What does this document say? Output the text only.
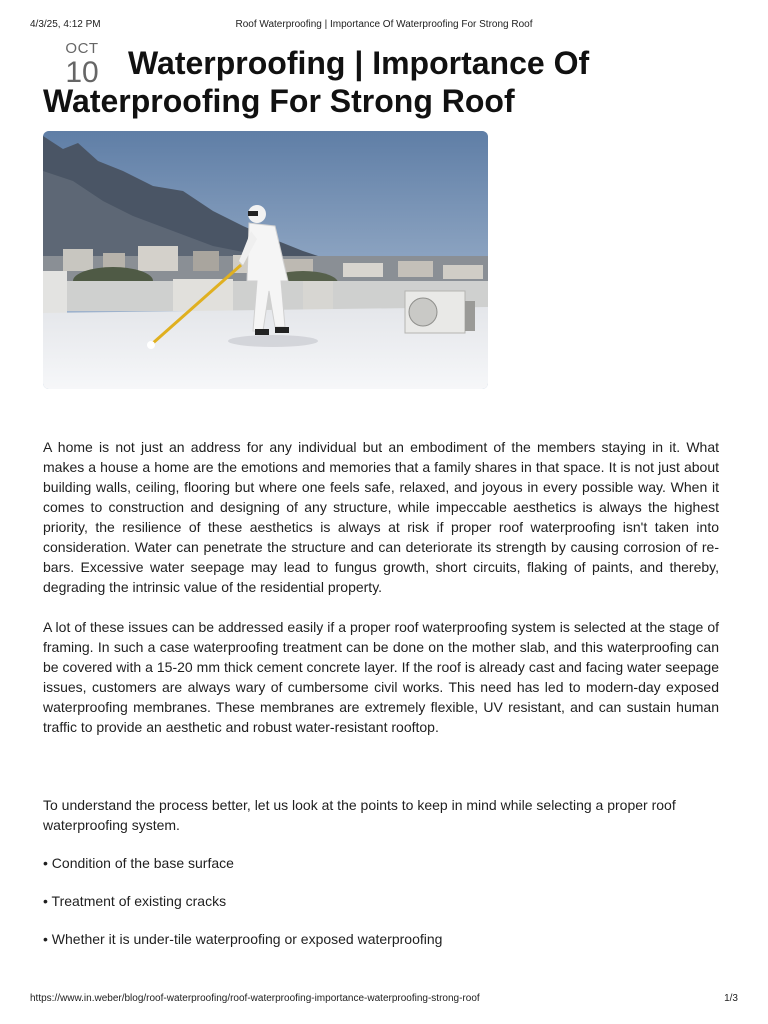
4/3/25, 4:12 PM	Roof Waterproofing | Importance Of Waterproofing For Strong Roof
OCT
10 Waterproofing | Importance Of Waterproofing For Strong Roof

A home is not just an address for any individual but an embodiment of the members staying in it. What makes a house a home are the emotions and memories that a family shares in that space. It is not just about building walls, ceiling, flooring but where one feels safe, relaxed, and joyous in every possible way. When it comes to construction and designing of any structure, while impeccable aesthetics is always the highest priority, the resilience of these aesthetics is always at risk if proper roof waterproofing isn't taken into consideration. Water can penetrate the structure and can deteriorate its strength by causing corrosion of re-bars. Excessive water seepage may lead to fungus growth, short circuits, flaking of paints, and thereby, degrading the intrinsic value of the residential property.

A lot of these issues can be addressed easily if a proper roof waterproofing system is selected at the stage of framing. In such a case waterproofing treatment can be done on the mother slab, and this waterproofing can be covered with a 15-20 mm thick cement concrete layer. If the roof is already cast and facing water seepage issues, customers are always wary of cumbersome civil works. This need has led to modern-day exposed waterproofing membranes. These membranes are extremely flexible, UV resistant, and can sustain human traffic to provide an aesthetic and robust water-resistant rooftop.

To understand the process better, let us look at the points to keep in mind while selecting a proper roof waterproofing system.

• Condition of the base surface

• Treatment of existing cracks

• Whether it is under-tile waterproofing or exposed waterproofing

https://www.in.weber/blog/roof-waterproofing/roof-waterproofing-importance-waterproofing-strong-roof	1/3
